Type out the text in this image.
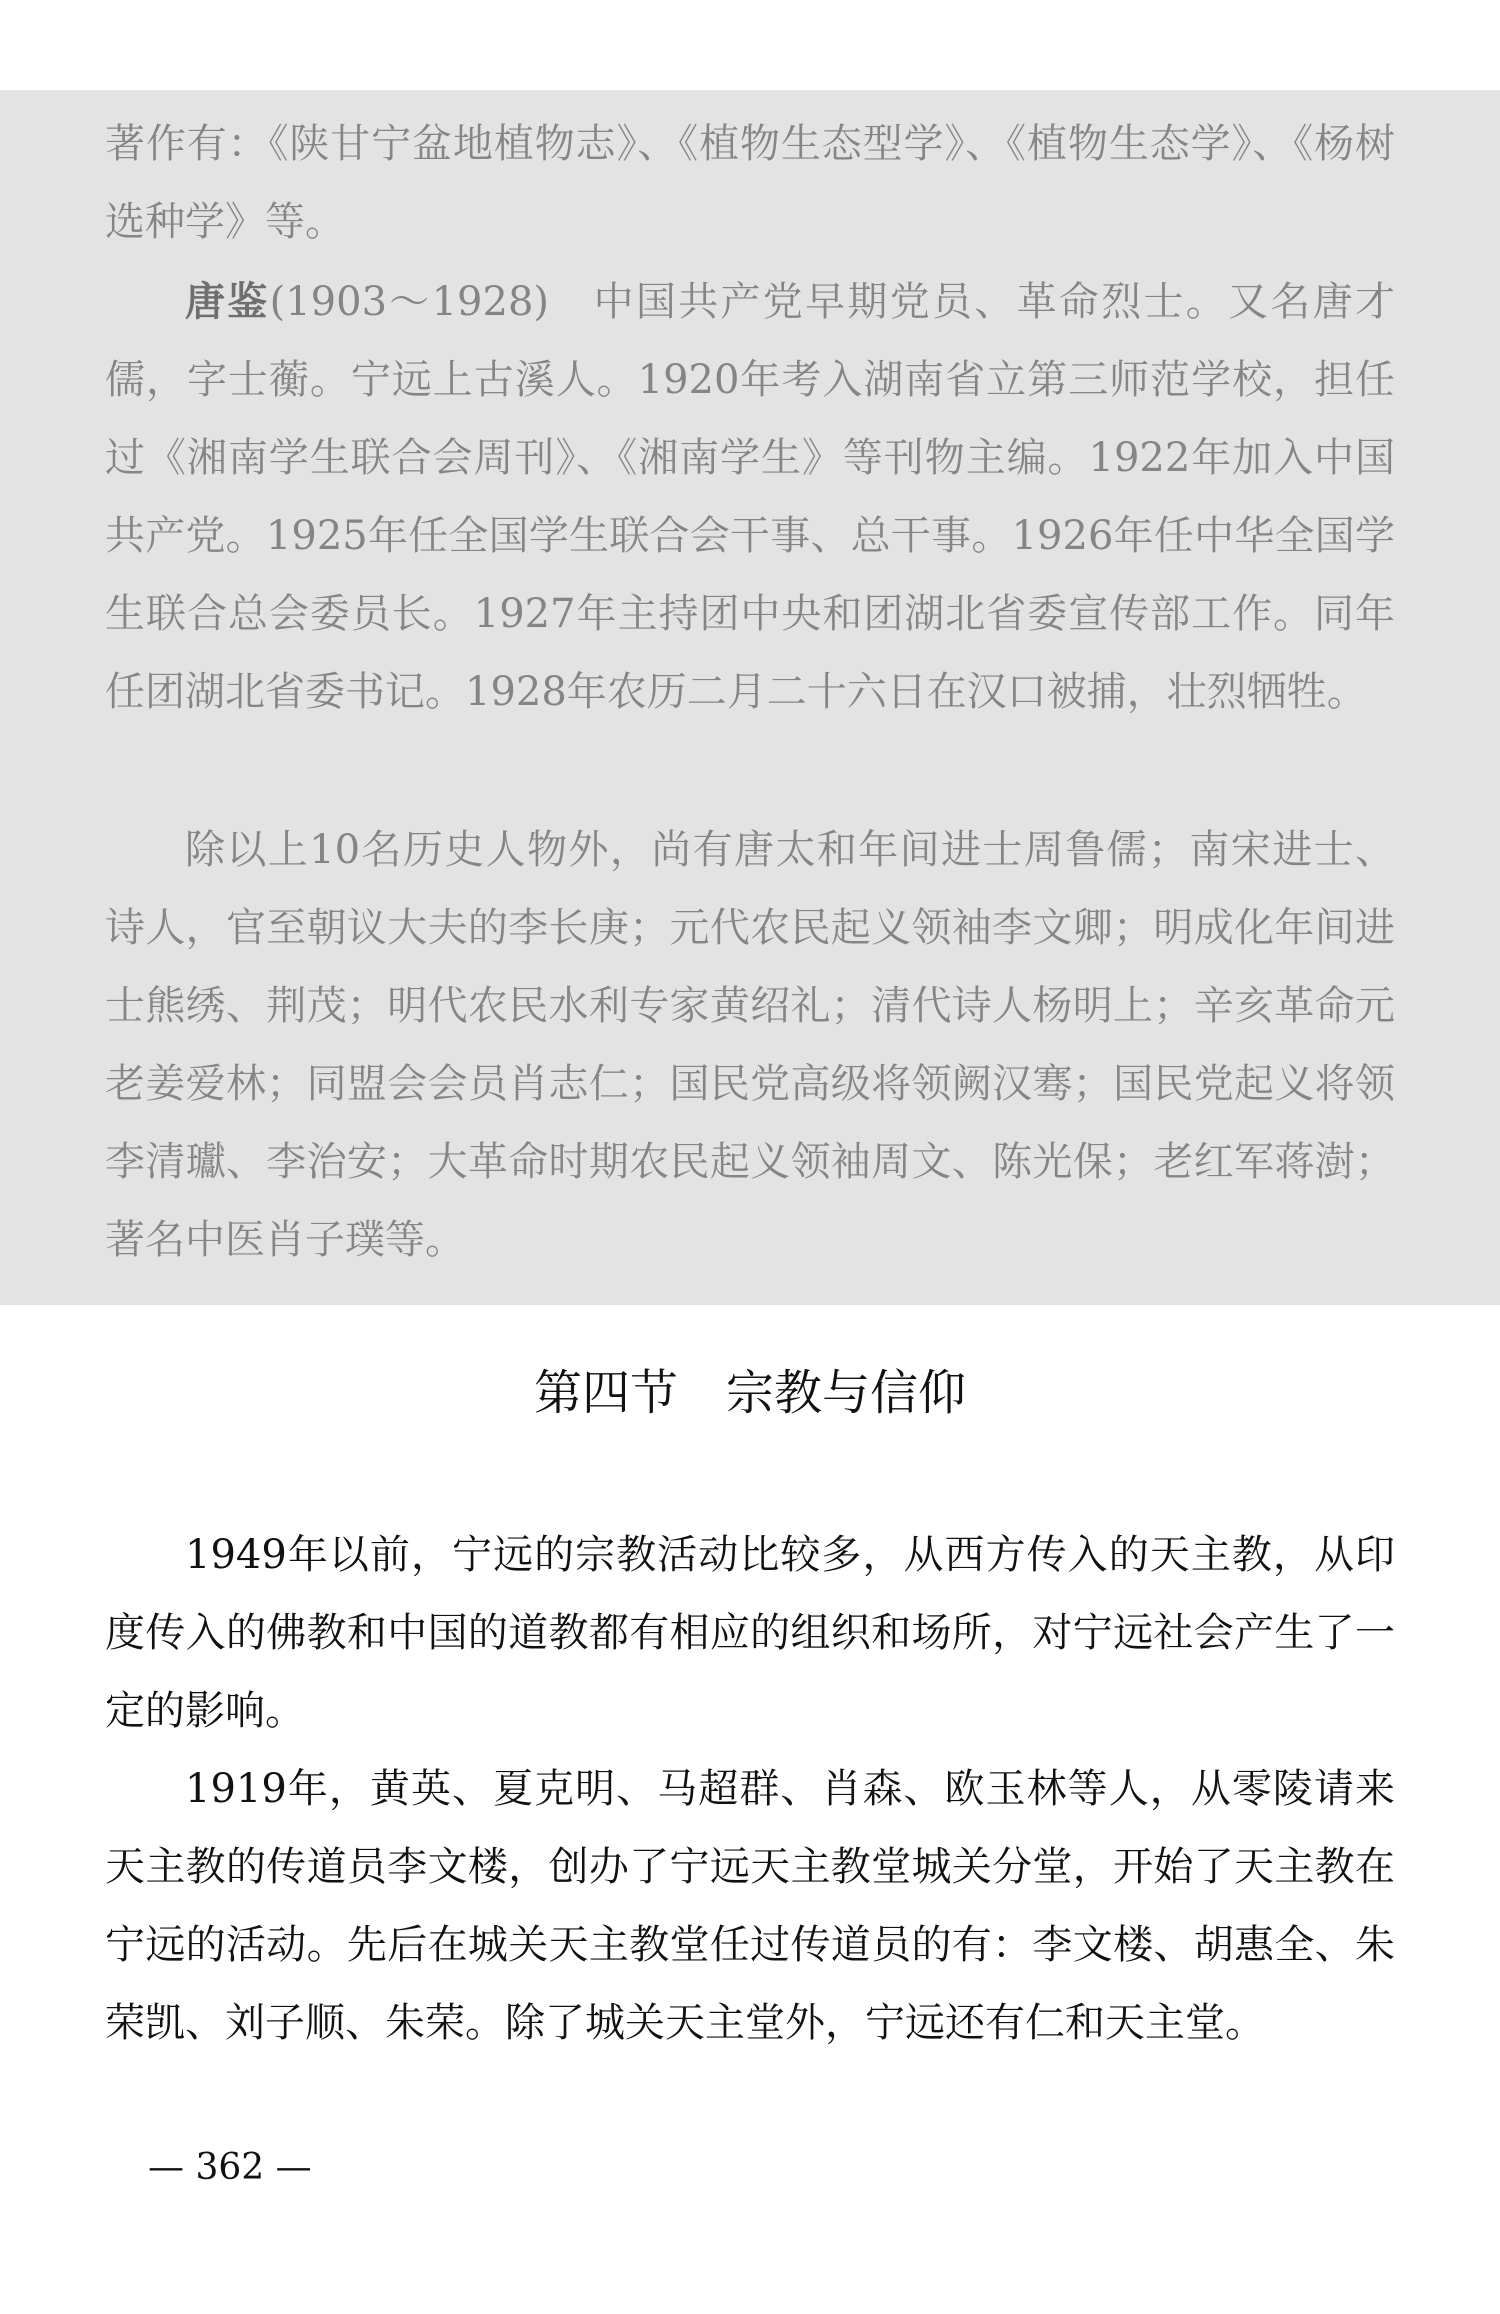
著作有：《陕甘宁盆地植物志》、《植物生态型学》、《植物生态学》、《杨树选种学》等。

唐鉴(1903～1928)　中国共产党早期党员、革命烈士。又名唐才儒，字士蘅。宁远上古溪人。1920年考入湖南省立第三师范学校，担任过《湘南学生联合会周刊》、《湘南学生》等刊物主编。1922年加入中国共产党。1925年任全国学生联合会干事、总干事。1926年任中华全国学生联合总会委员长。1927年主持团中央和团湖北省委宣传部工作。同年任团湖北省委书记。1928年农历二月二十六日在汉口被捕，壮烈牺牲。

除以上10名历史人物外，尚有唐太和年间进士周鲁儒；南宋进士、诗人，官至朝议大夫的李长庚；元代农民起义领袖李文卿；明成化年间进士熊绣、荆茂；明代农民水利专家黄绍礼；清代诗人杨明上；辛亥革命元老姜爱林；同盟会会员肖志仁；国民党高级将领阙汉骞；国民党起义将领李清瓛、李治安；大革命时期农民起义领袖周文、陈光保；老红军蒋澍；著名中医肖子璞等。

第四节　宗教与信仰

1949年以前，宁远的宗教活动比较多，从西方传入的天主教，从印度传入的佛教和中国的道教都有相应的组织和场所，对宁远社会产生了一定的影响。

1919年，黄英、夏克明、马超群、肖森、欧玉林等人，从零陵请来天主教的传道员李文楼，创办了宁远天主教堂城关分堂，开始了天主教在宁远的活动。先后在城关天主教堂任过传道员的有：李文楼、胡惠全、朱荣凯、刘子顺、朱荣。除了城关天主堂外，宁远还有仁和天主堂。

— 362 —
